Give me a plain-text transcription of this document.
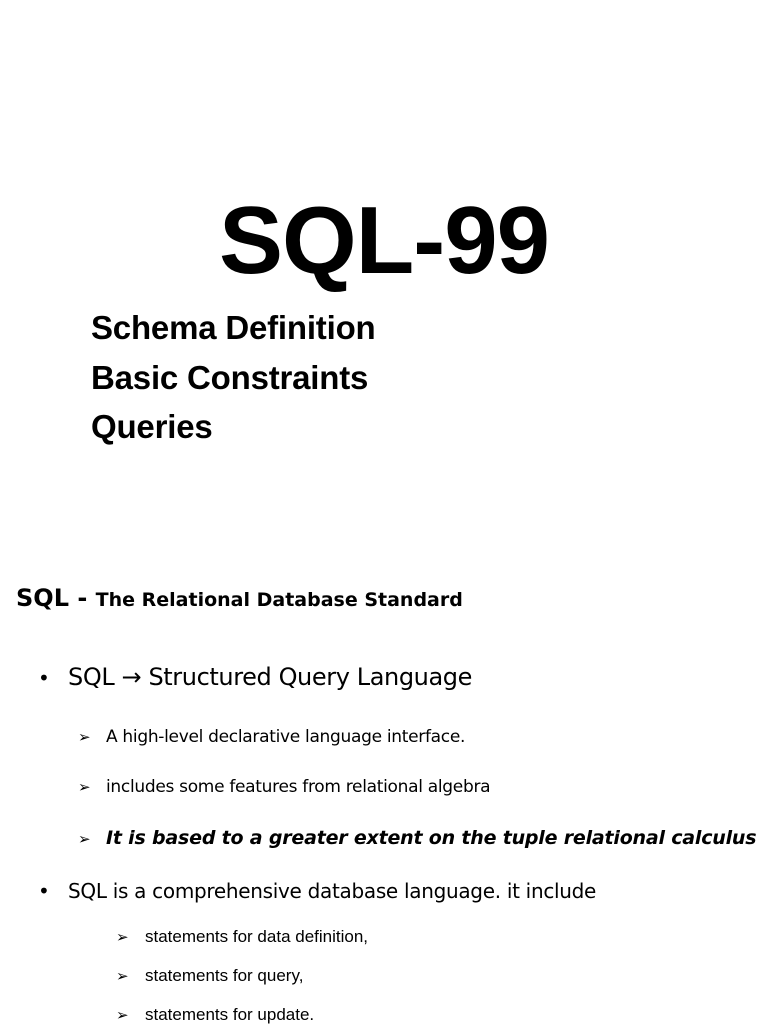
SQL-99
Schema Definition
Basic Constraints
Queries
SQL - The Relational Database Standard
• SQL → Structured Query Language
➢ A high-level declarative language interface.
➢ includes some features from relational algebra
➢ It is based to a greater extent on the tuple relational calculus
• SQL is a comprehensive database language. it include
➢ statements for data definition,
➢ statements for query,
➢ statements for update.
